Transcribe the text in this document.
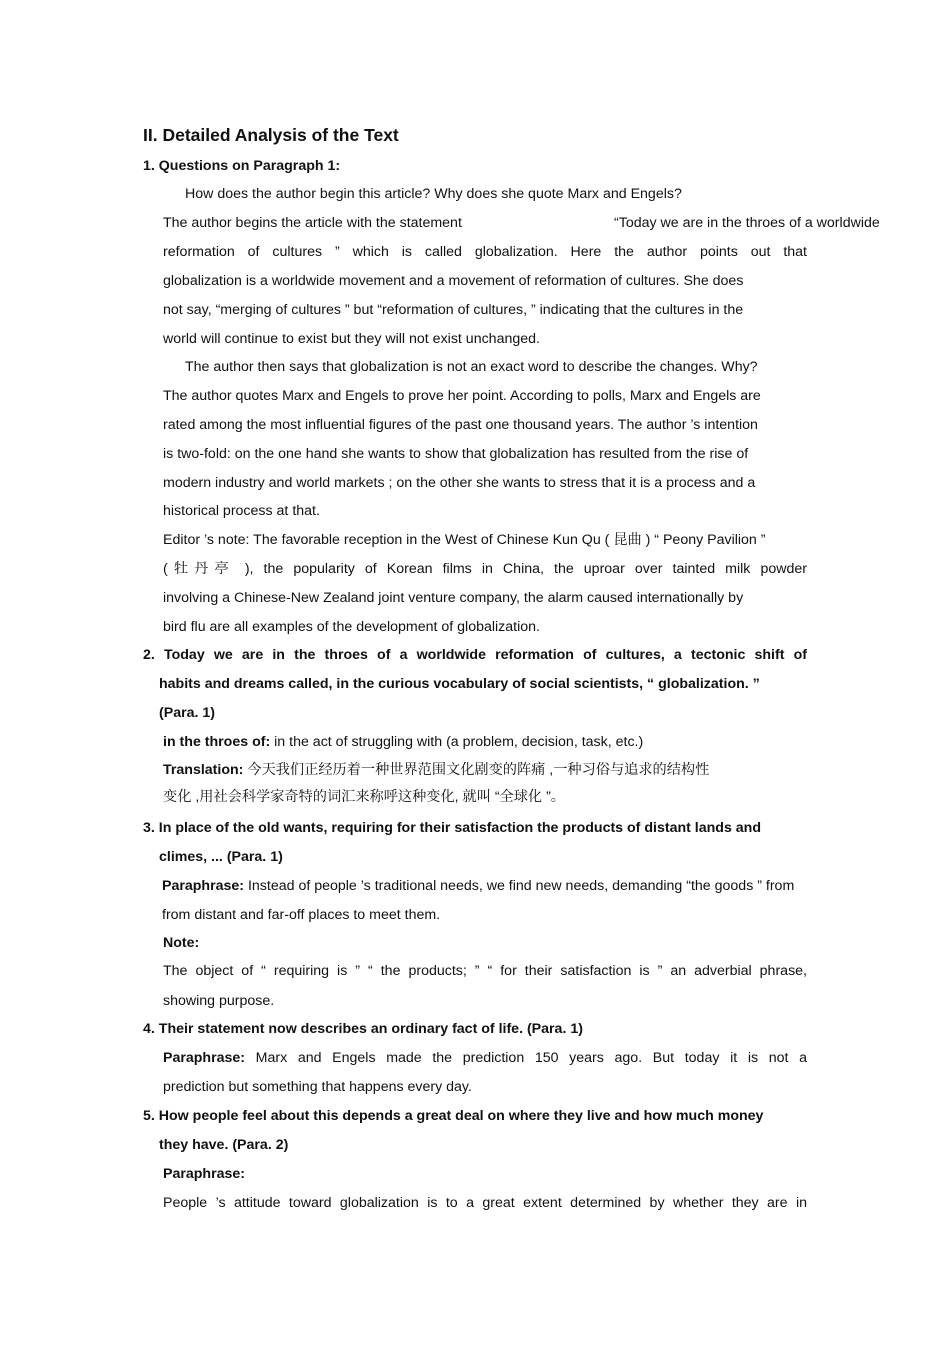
II. Detailed Analysis of the Text
1. Questions on Paragraph 1:
How does the author begin this article? Why does she quote Marx and Engels?
The author begins the article with the statement	“Today we are in the throes of a worldwide
reformation of cultures ” which is called globalization. Here the author points out that
globalization is a worldwide movement and a movement of reformation of cultures. She does
not say, “merging of cultures ” but “reformation of cultures, ” indicating that the cultures in the
world will continue to exist but they will not exist unchanged.
The author then says that globalization is not an exact word to describe the changes. Why?
The author quotes Marx and Engels to prove her point. According to polls, Marx and Engels are
rated among the most influential figures of the past one thousand years. The author ’s intention
is two-fold: on the one hand she wants to show that globalization has resulted from the rise of
modern industry and world markets ; on the other she wants to stress that it is a process and a
historical process at that.
Editor ’s note: The favorable reception in the West of Chinese Kun Qu ( 昆曲 ) “ Peony Pavilion ”
(牡丹亭 ), the popularity of Korean films in China, the uproar over tainted milk powder
involving a Chinese-New Zealand joint venture company, the alarm caused internationally by
bird flu are all examples of the development of globalization.
2. Today we are in the throes of a worldwide reformation of cultures, a tectonic shift of
habits and dreams called, in the curious vocabulary of social scientists, “ globalization. ”
(Para. 1)
in the throes of: in the act of struggling with (a problem, decision, task, etc.)
Translation: 今天我们正经历着一种世界范围文化剧变的阵痛 ,一种习俗与追求的结构性
变化 ,用社会科学家奇特的词汇来称呼这种变化, 就叫 “全球化 ”。
3. In place of the old wants, requiring for their satisfaction the products of distant lands and
climes, ... (Para. 1)
Paraphrase: Instead of people ’s traditional needs, we find new needs, demanding “the goods ” from
from distant and far-off places to meet them.
Note:
The object of “ requiring is ” “ the products; ” “ for their satisfaction is ” an adverbial phrase,
showing purpose.
4. Their statement now describes an ordinary fact of life. (Para. 1)
Paraphrase: Marx and Engels made the prediction 150 years ago. But today it is not a
prediction but something that happens every day.
5. How people feel about this depends a great deal on where they live and how much money
they have. (Para. 2)
Paraphrase:
People ’s attitude toward globalization is to a great extent determined by whether they are in
